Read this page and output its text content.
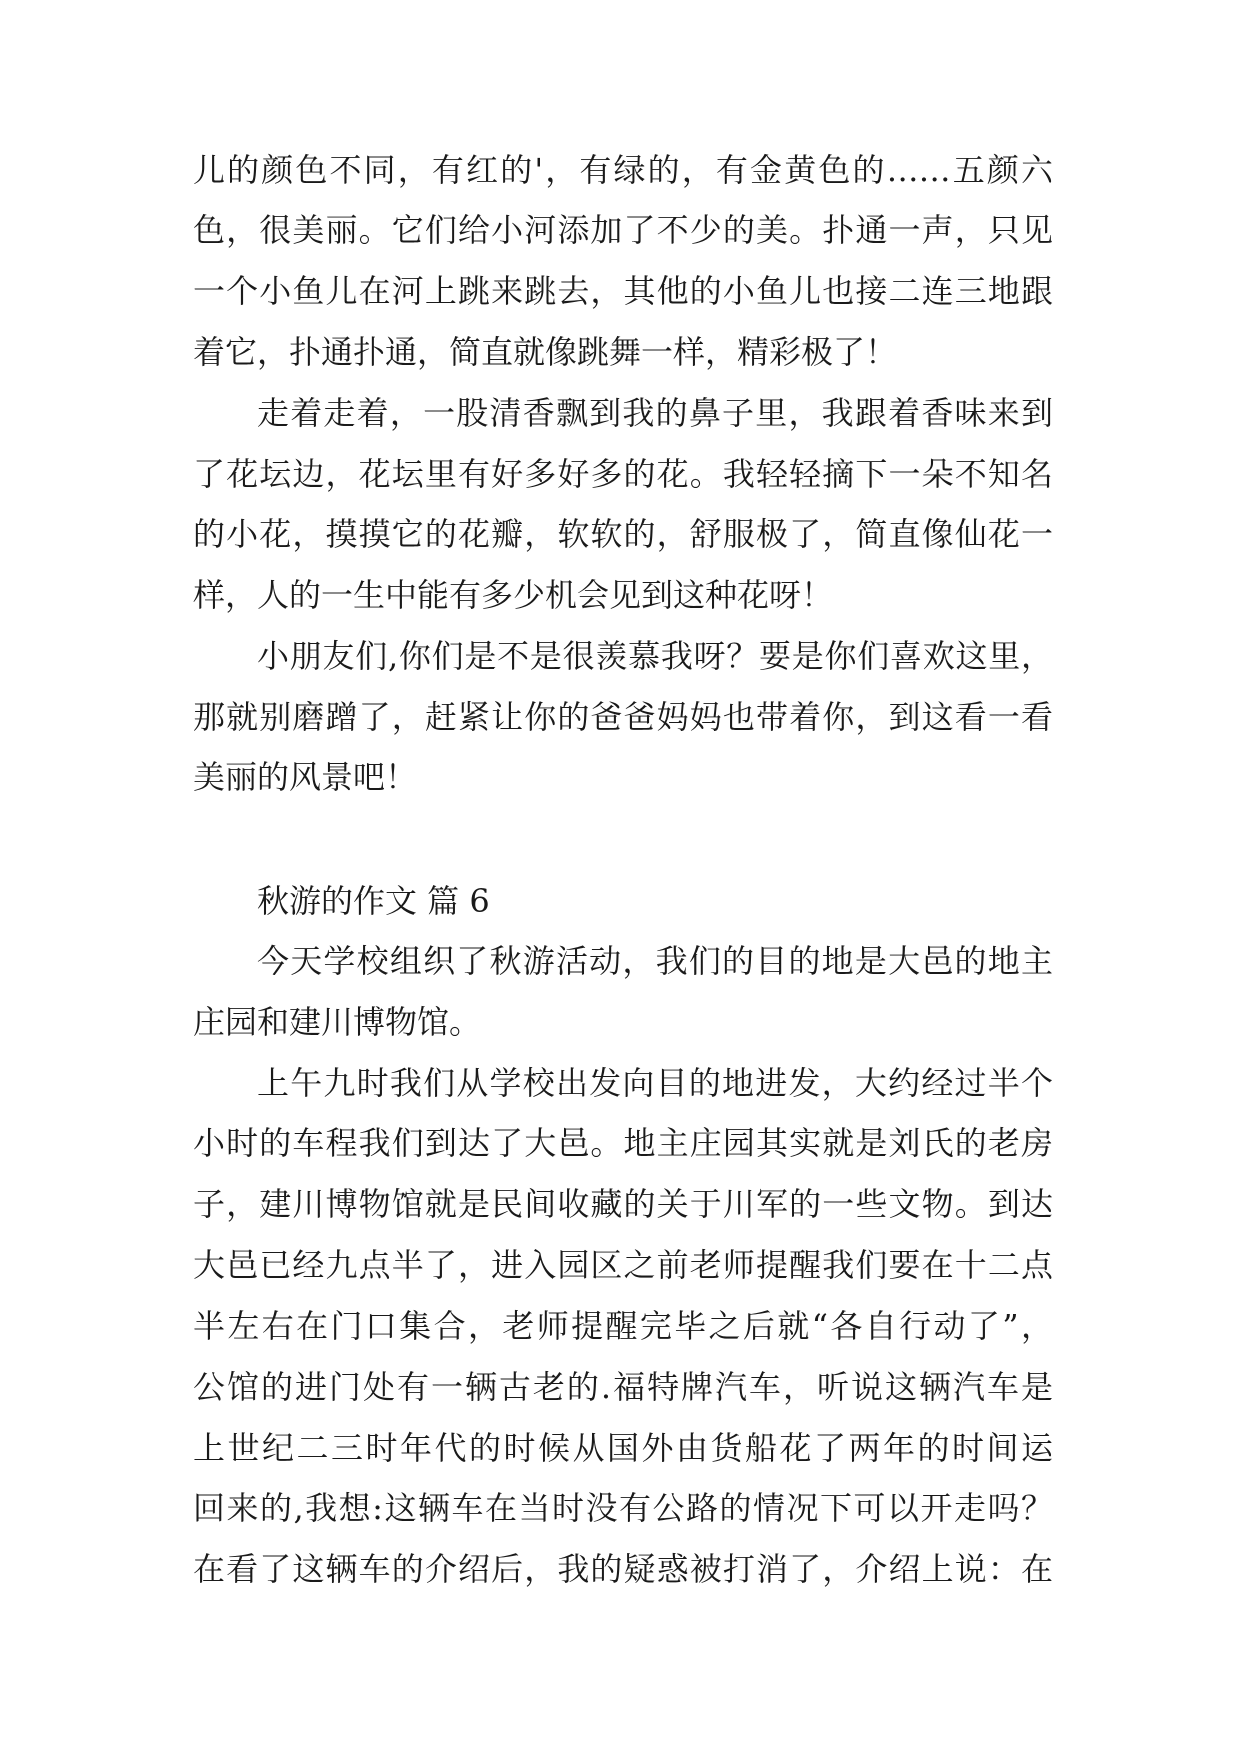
儿的颜色不同，有红的'，有绿的，有金黄色的……五颜六
色，很美丽。它们给小河添加了不少的美。扑通一声，只见
一个小鱼儿在河上跳来跳去，其他的小鱼儿也接二连三地跟
着它，扑通扑通，简直就像跳舞一样，精彩极了！
走着走着，一股清香飘到我的鼻子里，我跟着香味来到
了花坛边，花坛里有好多好多的花。我轻轻摘下一朵不知名
的小花，摸摸它的花瓣，软软的，舒服极了，简直像仙花一
样，人的一生中能有多少机会见到这种花呀！
小朋友们,你们是不是很羡慕我呀？要是你们喜欢这里，
那就别磨蹭了，赶紧让你的爸爸妈妈也带着你，到这看一看
美丽的风景吧！
秋游的作文 篇 6
今天学校组织了秋游活动，我们的目的地是大邑的地主
庄园和建川博物馆。
上午九时我们从学校出发向目的地进发，大约经过半个
小时的车程我们到达了大邑。地主庄园其实就是刘氏的老房
子，建川博物馆就是民间收藏的关于川军的一些文物。到达
大邑已经九点半了，进入园区之前老师提醒我们要在十二点
半左右在门口集合，老师提醒完毕之后就“各自行动了”，
公馆的进门处有一辆古老的.福特牌汽车，听说这辆汽车是
上世纪二三时年代的时候从国外由货船花了两年的时间运
回来的,我想:这辆车在当时没有公路的情况下可以开走吗？
在看了这辆车的介绍后，我的疑惑被打消了，介绍上说：在
